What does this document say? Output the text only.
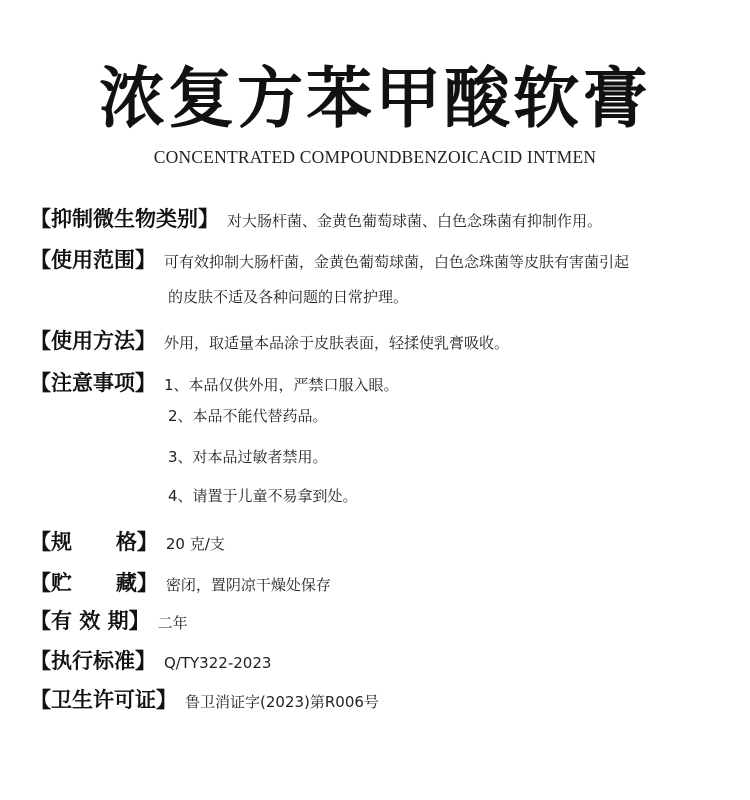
浓复方苯甲酸软膏
CONCENTRATED COMPOUNDBENZOICACID INTMEN
【抑制微生物类别】 对大肠杆菌、金黄色葡萄球菌、白色念珠菌有抑制作用。
【使用范围】 可有效抑制大肠杆菌，金黄色葡萄球菌，白色念珠菌等皮肤有害菌引起
的皮肤不适及各种问题的日常护理。
【使用方法】 外用，取适量本品涂于皮肤表面，轻揉使乳膏吸收。
【注意事项】 1、本品仅供外用，严禁口服入眼。
2、本品不能代替药品。
3、对本品过敏者禁用。
4、请置于儿童不易拿到处。
【规      格】 20 克/支
【贮      藏】 密闭，置阴凉干燥处保存
【有 效 期】 二年
【执行标准】 Q/TY322-2023
【卫生许可证】 鲁卫消证字(2023)第R006号
